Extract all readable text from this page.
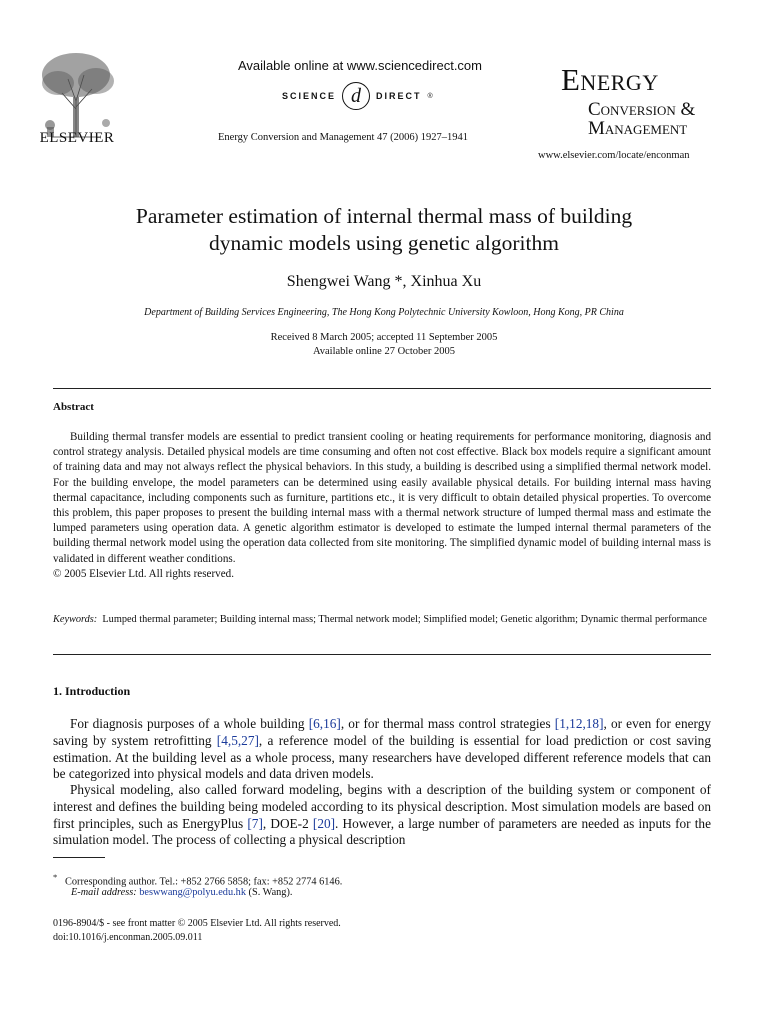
ELSEVIER
Available online at www.sciencedirect.com
SCIENCE d DIRECT ®
Energy Conversion and Management 47 (2006) 1927–1941
Energy
Conversion &
Management
www.elsevier.com/locate/enconman
Parameter estimation of internal thermal mass of building
dynamic models using genetic algorithm
Shengwei Wang *, Xinhua Xu
Department of Building Services Engineering, The Hong Kong Polytechnic University Kowloon, Hong Kong, PR China
Received 8 March 2005; accepted 11 September 2005
Available online 27 October 2005
Abstract
Building thermal transfer models are essential to predict transient cooling or heating requirements for performance monitoring, diagnosis and control strategy analysis. Detailed physical models are time consuming and often not cost effective. Black box models require a significant amount of training data and may not always reflect the physical behaviors. In this study, a building is described using a simplified thermal network model. For the building envelope, the model parameters can be determined using easily available physical details. For building internal mass having thermal capacitance, including components such as furniture, partitions etc., it is very difficult to obtain detailed physical properties. To overcome this problem, this paper proposes to present the building internal mass with a thermal network structure of lumped thermal mass and estimate the lumped parameters using operation data. A genetic algorithm estimator is developed to estimate the lumped internal thermal parameters of the building thermal network model using the operation data collected from site monitoring. The simplified dynamic model of building internal mass is validated in different weather conditions.
© 2005 Elsevier Ltd. All rights reserved.
Keywords: Lumped thermal parameter; Building internal mass; Thermal network model; Simplified model; Genetic algorithm; Dynamic thermal performance
1. Introduction
For diagnosis purposes of a whole building [6,16], or for thermal mass control strategies [1,12,18], or even for energy saving by system retrofitting [4,5,27], a reference model of the building is essential for load prediction or cost saving estimation. At the building level as a whole process, many researchers have developed different reference models that can be categorized into physical models and data driven models.
Physical modeling, also called forward modeling, begins with a description of the building system or component of interest and defines the building being modeled according to its physical description. Most simulation models are based on first principles, such as EnergyPlus [7], DOE-2 [20]. However, a large number of parameters are needed as inputs for the simulation model. The process of collecting a physical description
* Corresponding author. Tel.: +852 2766 5858; fax: +852 2774 6146.
E-mail address: beswwang@polyu.edu.hk (S. Wang).
0196-8904/$ - see front matter © 2005 Elsevier Ltd. All rights reserved.
doi:10.1016/j.enconman.2005.09.011
